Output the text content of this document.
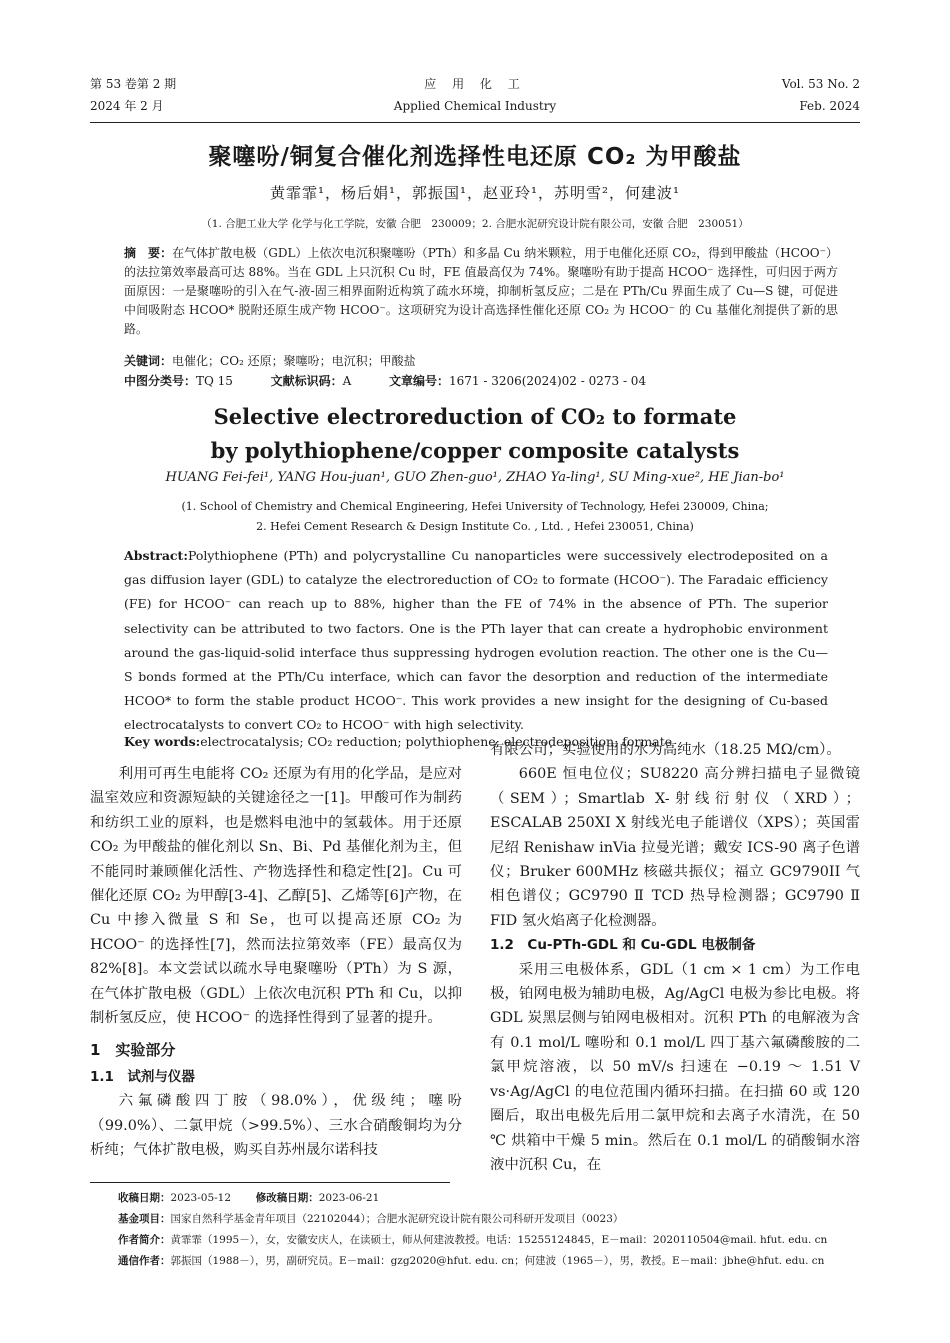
第 53 卷第 2 期
2024 年 2 月
应 用 化 工
Applied Chemical Industry
Vol. 53 No. 2
Feb. 2024
聚噻吩/铜复合催化剂选择性电还原 CO₂ 为甲酸盐
黄霏霏¹，杨后娟¹，郭振国¹，赵亚玲¹，苏明雪²，何建波¹
（1. 合肥工业大学 化学与化工学院，安徽 合肥　230009；2. 合肥水泥研究设计院有限公司，安徽 合肥　230051）
摘　要：在气体扩散电极（GDL）上依次电沉积聚噻吩（PTh）和多晶 Cu 纳米颗粒，用于电催化还原 CO₂，得到甲酸盐（HCOO⁻）的法拉第效率最高可达 88%。当在 GDL 上只沉积 Cu 时，FE 值最高仅为 74%。聚噻吩有助于提高 HCOO⁻ 选择性，可归因于两方面原因：一是聚噻吩的引入在气-液-固三相界面附近构筑了疏水环境，抑制析氢反应；二是在 PTh/Cu 界面生成了 Cu—S 键，可促进中间吸附态 HCOO* 脱附还原生成产物 HCOO⁻。这项研究为设计高选择性催化还原 CO₂ 为 HCOO⁻ 的 Cu 基催化剂提供了新的思路。
关键词：电催化；CO₂ 还原；聚噻吩；电沉积；甲酸盐
中图分类号：TQ 15	文献标识码：A	文章编号：1671 - 3206(2024)02 - 0273 - 04
Selective electroreduction of CO₂ to formate
by polythiophene/copper composite catalysts
HUANG Fei-fei¹, YANG Hou-juan¹, GUO Zhen-guo¹, ZHAO Ya-ling¹, SU Ming-xue², HE Jian-bo¹
(1. School of Chemistry and Chemical Engineering, Hefei University of Technology, Hefei 230009, China;
2. Hefei Cement Research & Design Institute Co. , Ltd. , Hefei 230051, China)
Abstract:Polythiophene (PTh) and polycrystalline Cu nanoparticles were successively electrodeposited on a gas diffusion layer (GDL) to catalyze the electroreduction of CO₂ to formate (HCOO⁻). The Faradaic efficiency (FE) for HCOO⁻ can reach up to 88%, higher than the FE of 74% in the absence of PTh. The superior selectivity can be attributed to two factors. One is the PTh layer that can create a hydrophobic environment around the gas-liquid-solid interface thus suppressing hydrogen evolution reaction. The other one is the Cu—S bonds formed at the PTh/Cu interface, which can favor the desorption and reduction of the intermediate HCOO* to form the stable product HCOO⁻. This work provides a new insight for the designing of Cu-based electrocatalysts to convert CO₂ to HCOO⁻ with high selectivity.
Key words:electrocatalysis; CO₂ reduction; polythiophene; electrodeposition; formate

利用可再生电能将 CO₂ 还原为有用的化学品，是应对温室效应和资源短缺的关键途径之一[1]。甲酸可作为制药和纺织工业的原料，也是燃料电池中的氢载体。用于还原 CO₂ 为甲酸盐的催化剂以 Sn、Bi、Pd 基催化剂为主，但不能同时兼顾催化活性、产物选择性和稳定性[2]。Cu 可催化还原 CO₂ 为甲醇[3-4]、乙醇[5]、乙烯等[6]产物，在 Cu 中掺入微量 S 和 Se，也可以提高还原 CO₂ 为 HCOO⁻ 的选择性[7]，然而法拉第效率（FE）最高仅为 82%[8]。本文尝试以疏水导电聚噻吩（PTh）为 S 源，在气体扩散电极（GDL）上依次电沉积 PTh 和 Cu，以抑制析氢反应，使 HCOO⁻ 的选择性得到了显著的提升。

1　实验部分

1.1　试剂与仪器

六氟磷酸四丁胺（98.0%），优级纯；噻吩（99.0%）、二氯甲烷（>99.5%）、三水合硝酸铜均为分析纯；气体扩散电极，购买自苏州晟尔诺科技

有限公司；实验使用的水为高纯水（18.25 MΩ/cm）。

660E 恒电位仪；SU8220 高分辨扫描电子显微镜（SEM）；Smartlab X-射线衍射仪（XRD）；ESCALAB 250XI X 射线光电子能谱仪（XPS）；英国雷尼绍 Renishaw inVia 拉曼光谱；戴安 ICS-90 离子色谱仪；Bruker 600MHz 核磁共振仪；福立 GC9790II 气相色谱仪；GC9790 Ⅱ TCD 热导检测器；GC9790 Ⅱ FID 氢火焰离子化检测器。

1.2　Cu-PTh-GDL 和 Cu-GDL 电极制备

采用三电极体系，GDL（1 cm × 1 cm）为工作电极，铂网电极为辅助电极，Ag/AgCl 电极为参比电极。将 GDL 炭黑层侧与铂网电极相对。沉积 PTh 的电解液为含有 0.1 mol/L 噻吩和 0.1 mol/L 四丁基六氟磷酸胺的二氯甲烷溶液，以 50 mV/s 扫速在 −0.19 ～ 1.51 V vs·Ag/AgCl 的电位范围内循环扫描。在扫描 60 或 120 圈后，取出电极先后用二氯甲烷和去离子水清洗，在 50 ℃ 烘箱中干燥 5 min。然后在 0.1 mol/L 的硝酸铜水溶液中沉积 Cu，在

收稿日期：2023-05-12 修改稿日期：2023-06-21
基金项目：国家自然科学基金青年项目（22102044）；合肥水泥研究设计院有限公司科研开发项目（0023）
作者简介：黄霏霏（1995－），女，安徽安庆人，在读硕士，师从何建波教授。电话：15255124845，E－mail：2020110504@mail. hfut. edu. cn
通信作者：郭振国（1988－），男，副研究员。E－mail：gzg2020@hfut. edu. cn；何建波（1965－），男，教授。E－mail：jbhe@hfut. edu. cn
